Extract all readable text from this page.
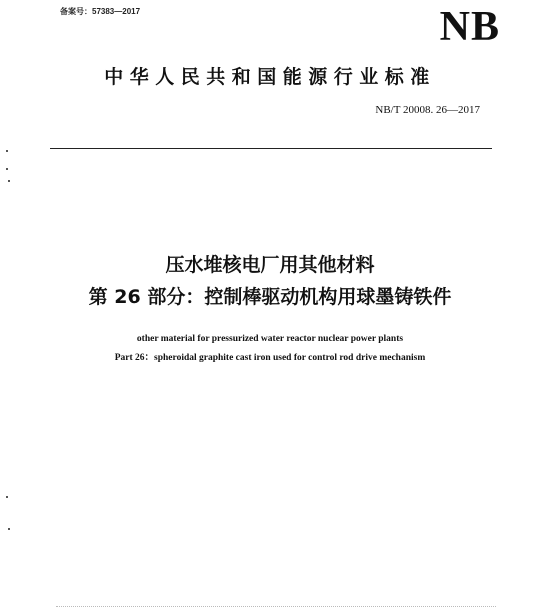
备案号：57383—2017	NB
中华人民共和国能源行业标准
NB/T 20008. 26—2017
压水堆核电厂用其他材料
第 26 部分：控制棒驱动机构用球墨铸铁件
other material for pressurized water reactor nuclear power plants
Part 26：spheroidal graphite cast iron used for control rod drive mechanism
